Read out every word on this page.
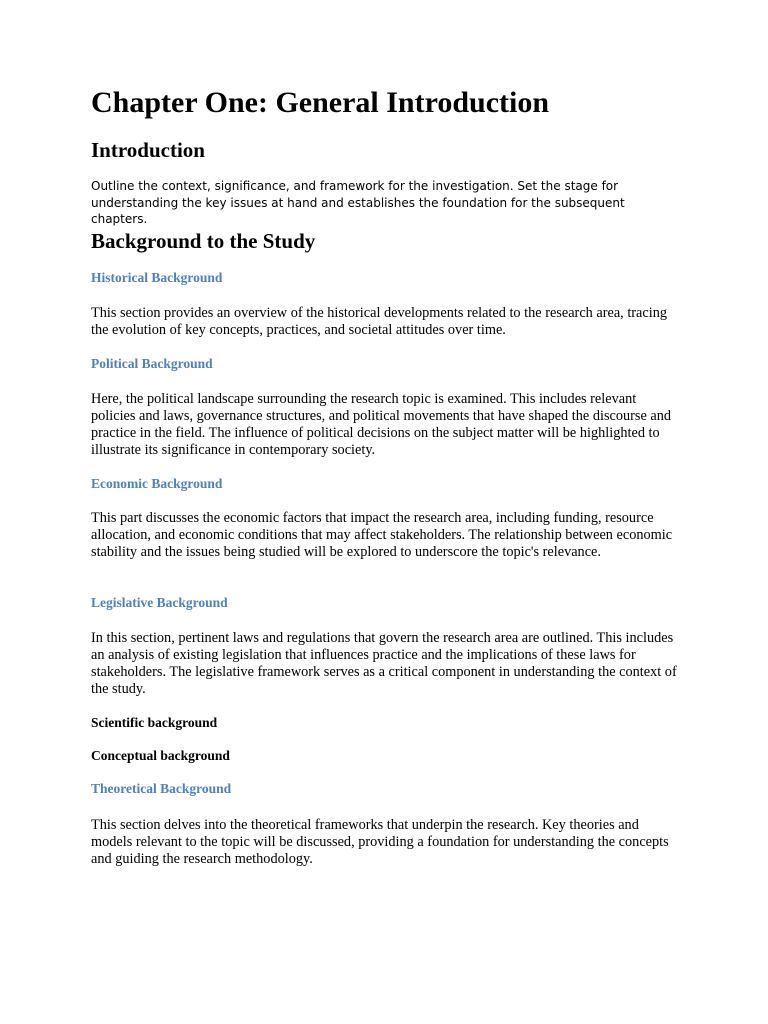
Chapter One: General Introduction
Introduction

Outline the context, significance, and framework for the investigation. Set the stage for understanding the key issues at hand and establishes the foundation for the subsequent chapters.

Background to the Study
Historical Background

This section provides an overview of the historical developments related to the research area, tracing the evolution of key concepts, practices, and societal attitudes over time.

Political Background

Here, the political landscape surrounding the research topic is examined. This includes relevant policies and laws, governance structures, and political movements that have shaped the discourse and practice in the field. The influence of political decisions on the subject matter will be highlighted to illustrate its significance in contemporary society.

Economic Background

This part discusses the economic factors that impact the research area, including funding, resource allocation, and economic conditions that may affect stakeholders. The relationship between economic stability and the issues being studied will be explored to underscore the topic's relevance.

Legislative Background

In this section, pertinent laws and regulations that govern the research area are outlined. This includes an analysis of existing legislation that influences practice and the implications of these laws for stakeholders. The legislative framework serves as a critical component in understanding the context of the study.

Scientific background
Conceptual background
Theoretical Background

This section delves into the theoretical frameworks that underpin the research. Key theories and models relevant to the topic will be discussed, providing a foundation for understanding the concepts and guiding the research methodology.
